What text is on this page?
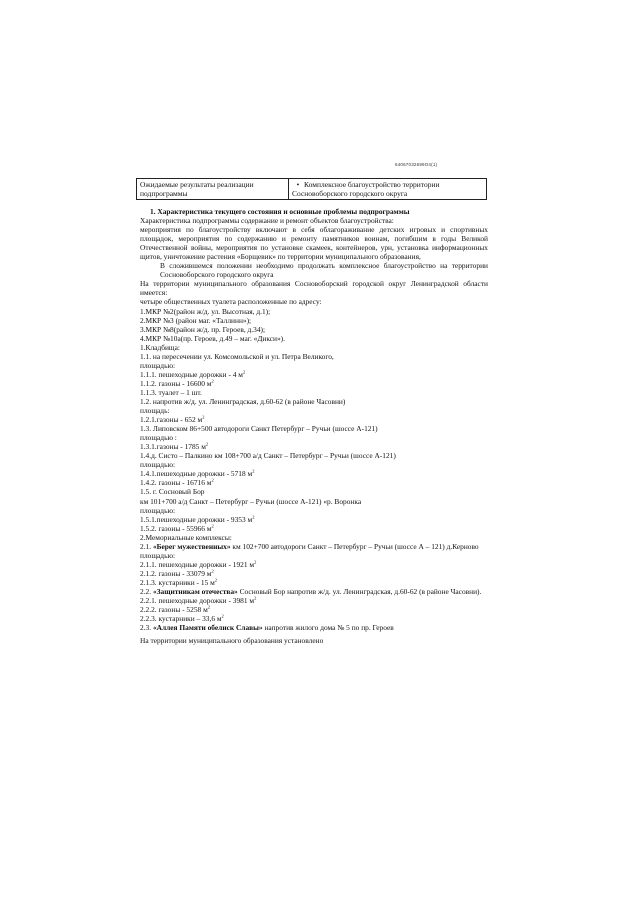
64067032699О4(1)
Ожидаемые результаты реализации подпрограммы	• Комплексное благоустройство территории Сосновоборского городского округа
1. Характеристика текущего состояния и основные проблемы подпрограммы
Характеристика подпрограммы содержание и ремонт объектов благоустройства:
мероприятия по благоустройству включают в себя облагораживание детских игровых и спортивных площадок, мероприятия по содержанию и ремонту памятников воинам, погибшим в годы Великой Отечественной войны, мероприятия по установке скамеек, контейнеров, урн, установка информационных щитов, уничтожение растения «Борщевик» по территории муниципального образования,
В сложившемся положении необходимо продолжать комплексное благоустройство на территории Сосновоборского городского округа
На территории муниципального образования Сосновоборский городской округ Ленинградской области имеется:
четыре общественных туалета расположенные по адресу:
1.МКР №2(район ж/д. ул. Высотная, д.1);
2.МКР №3 (район маг. «Таллинн»);
3.МКР №8(район ж/д. пр. Героев, д.34);
4.МКР №10а(пр. Героев, д.49 – маг. «Дикси»).
1.Кладбища:
1.1. на пересечении ул. Комсомольской и ул. Петра Великого,
площадью:
1.1.1. пешеходные дорожки - 4 $м^2$
1.1.2. газоны - 16600 $м^2$
1.1.3. туалет – 1 шт.
1.2. напротив ж/д. ул. Ленинградская, д.60-62 (в районе Часовни)
площадь:
1.2.1.газоны - 652 $м^2$
1.3. Липовском 86+500 автодороги Санкт Петербург – Ручьи (шоссе А-121)
площадью :
1.3.1.газоны - 1785 $м^2$
1.4.д. Систо – Палкино км 108+700 а/д Санкт – Петербург – Ручьи (шоссе А-121)
площадью:
1.4.1.пешеходные дорожки - 5718 $м^2$
1.4.2. газоны - 16716 $м^2$
1.5. г. Сосновый Бор
км 101+700 а/д Санкт – Петербург – Ручьи (шоссе А-121) «р. Воронка
площадью:
1.5.1.пешеходные дорожки - 9353 $м^2$
1.5.2. газоны - 55966 $м^2$
2.Мемориальные комплексы:
2.1. «Берег мужественных» км 102+700 автодороги Санкт – Петербург – Ручьи (шоссе А – 121) д.Керново
площадью:
2.1.1. пешеходные дорожки - 1921 $м^2$
2.1.2. газоны - 33079 $м^2$
2.1.3. кустарники - 15 $м^2$
2.2. «Защитникам отечества» Сосновый Бор напротив ж/д. ул. Ленинградская, д.60-62 (в районе Часовни).
2.2.1. пешеходные дорожки - 3981 $м^2$
2.2.2. газоны - 5258 $м^2$
2.2.3. кустарники – 33,6 $м^2$
2.3. «Аллея Памяти обелиск Славы» напротив жилого дома № 5 по пр. Героев
На территории муниципального образования установлено
